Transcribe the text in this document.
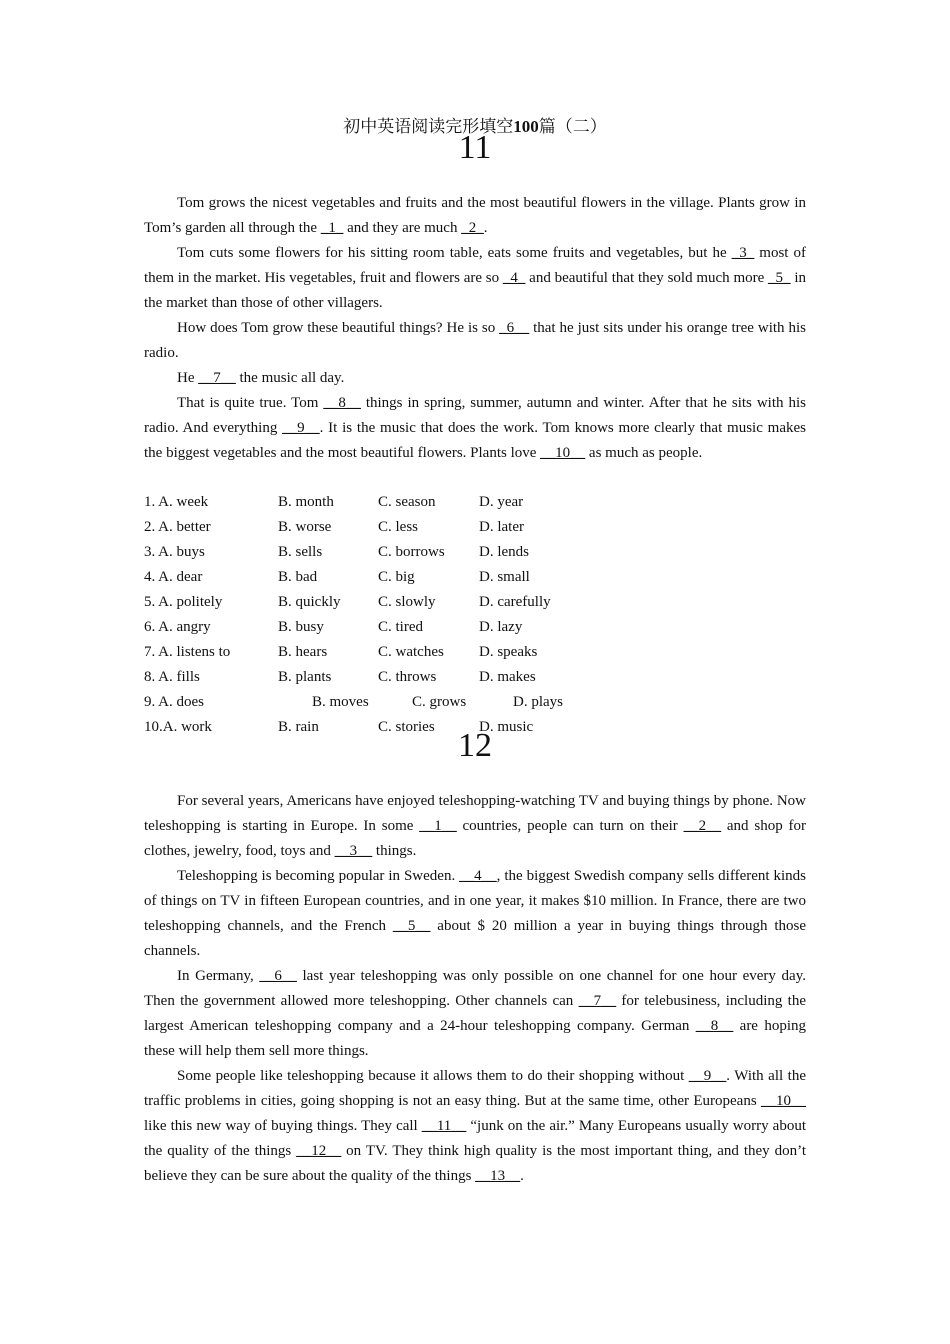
初中英语阅读完形填空100篇（二）
11

Tom grows the nicest vegetables and fruits and the most beautiful flowers in the village. Plants grow in Tom’s garden all through the _1_ and they are much _2_.

Tom cuts some flowers for his sitting room table, eats some fruits and vegetables, but he _3_ most of them in the market. His vegetables, fruit and flowers are so _4_ and beautiful that they sold much more _5_ in the market than those of other villagers.

How does Tom grow these beautiful things? He is so _6__ that he just sits under his orange tree with his radio.

He __7__ the music all day.

That is quite true. Tom __8__ things in spring, summer, autumn and winter. After that he sits with his radio. And everything __9__. It is the music that does the work. Tom knows more clearly that music makes the biggest vegetables and the most beautiful flowers. Plants love __10__ as much as people.

1. A. week	B. month	C. season	D. year
2. A. better	B. worse	C. less	D. later
3. A. buys	B. sells	C. borrows D. lends
4. A. dear	B. bad	C. big	D. small
5. A. politely	B. quickly	C. slowly	D. carefully
6. A. angry	B. busy	C. tired	D. lazy
7. A. listens to	B. hears	C. watches D. speaks
8. A. fills	B. plants	C. throws	D. makes
9. A. does	B. moves	C. grows	D. plays
10.A. work	B. rain	C. stories	D. music
12

For several years, Americans have enjoyed teleshopping-watching TV and buying things by phone. Now teleshopping is starting in Europe. In some __1__ countries, people can turn on their __2__ and shop for clothes, jewelry, food, toys and __3__ things.

Teleshopping is becoming popular in Sweden. __4__, the biggest Swedish company sells different kinds of things on TV in fifteen European countries, and in one year, it makes $10 million. In France, there are two teleshopping channels, and the French __5__ about $ 20 million a year in buying things through those channels.

In Germany, __6__ last year teleshopping was only possible on one channel for one hour every day. Then the government allowed more teleshopping. Other channels can __7__ for telebusiness, including the largest American teleshopping company and a 24-hour teleshopping company. German __8__ are hoping these will help them sell more things.

Some people like teleshopping because it allows them to do their shopping without __9__. With all the traffic problems in cities, going shopping is not an easy thing. But at the same time, other Europeans __10__ like this new way of buying things. They call __11__ “junk on the air.” Many Europeans usually worry about the quality of the things __12__ on TV. They think high quality is the most important thing, and they don’t believe they can be sure about the quality of the things __13__.
